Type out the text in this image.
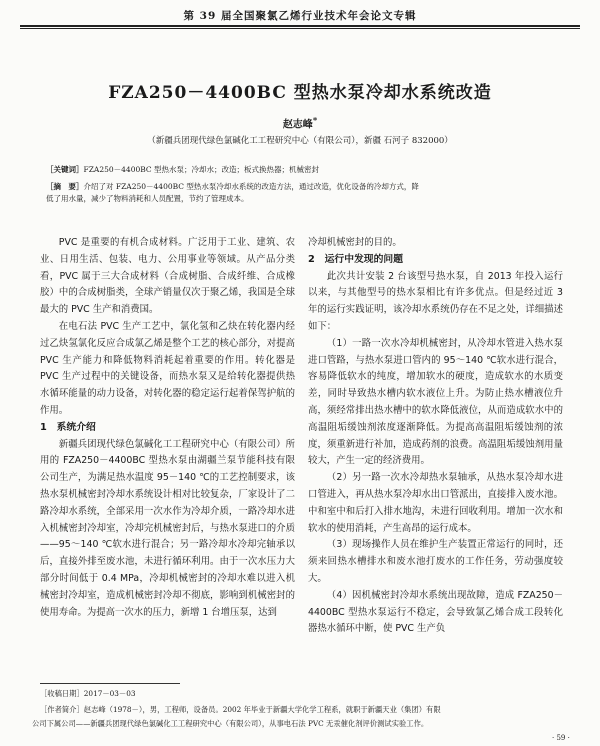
第 39 届全国聚氯乙烯行业技术年会论文专辑
FZA250－4400BC 型热水泵冷却水系统改造
赵志峰*
（新疆兵团现代绿色氯碱化工工程研究中心（有限公司），新疆 石河子 832000）
［关键词］FZA250－4400BC 型热水泵；冷却水；改造；板式换热器；机械密封
［摘　要］介绍了对 FZA250－4400BC 型热水泵冷却水系统的改造方法，通过改造，优化设备的冷却方式，降
低了用水量，减少了物料消耗和人员配置，节约了管理成本。

PVC 是重要的有机合成材料。广泛用于工业、建筑、农业、日用生活、包装、电力、公用事业等领域。从产品分类看，PVC 属于三大合成材料（合成树脂、合成纤维、合成橡胶）中的合成树脂类，全球产销量仅次于聚乙烯，我国是全球最大的 PVC 生产和消费国。

在电石法 PVC 生产工艺中，氯化氢和乙炔在转化器内经过乙炔氢氯化反应合成氯乙烯是整个工艺的核心部分，对提高 PVC 生产能力和降低物料消耗起着重要的作用。转化器是 PVC 生产过程中的关键设备，而热水泵又是给转化器提供热水循环能量的动力设备，对转化器的稳定运行起着保驾护航的作用。

1　系统介绍

新疆兵团现代绿色氯碱化工工程研究中心（有限公司）所用的 FZA250－4400BC 型热水泵由湖疆兰泵节能科技有限公司生产，为满足热水温度 95－140 ℃的工艺控制要求，该热水泵机械密封冷却水系统设计相对比较复杂，厂家设计了二路冷却水系统，全部采用一次水作为冷却介质，一路冷却水进入机械密封冷却室，冷却完机械密封后，与热水泵进口的介质——95～140 ℃软水进行混合；另一路冷却水冷却完轴承以后，直接外排至废水池，未进行循环利用。由于一次水压力大部分时间低于 0.4 MPa，冷却机械密封的冷却水难以进入机械密封冷却室，造成机械密封冷却不彻底，影响到机械密封的使用寿命。为提高一次水的压力，新增 1 台增压泵，达到

冷却机械密封的目的。

2　运行中发现的问题

此次共计安装 2 台该型号热水泵，自 2013 年投入运行以来，与其他型号的热水泵相比有许多优点。但是经过近 3 年的运行实践证明，该冷却水系统仍存在不足之处，详细描述如下：

（1）一路一次水冷却机械密封，从冷却水管进入热水泵进口管路，与热水泵进口管内的 95～140 ℃软水进行混合，容易降低软水的纯度，增加软水的硬度，造成软水的水质变差，同时导致热水槽内软水液位上升。为防止热水槽液位升高，须经常排出热水槽中的软水降低液位，从而造成软水中的高温阻垢缓蚀剂浓度逐渐降低。为提高高温阻垢缓蚀剂的浓度，须重新进行补加，造成药剂的浪费。高温阻垢缓蚀剂用量较大，产生一定的经济费用。

（2）另一路一次水冷却热水泵轴承，从热水泵冷却水进口管进入，再从热水泵冷却水出口管派出，直接排入废水池。中和室中和后打入排水地沟，未进行回收利用。增加一次水和软水的使用消耗，产生高昂的运行成本。

（3）现场操作人员在维护生产装置正常运行的同时，还须来回热水槽排水和废水池打废水的工作任务，劳动强度较大。

（4）因机械密封冷却水系统出现故障，造成 FZA250－4400BC 型热水泵运行不稳定，会导致氯乙烯合成工段转化器热水循环中断，使 PVC 生产负

［收稿日期］2017－03－03
［作者简介］赵志峰（1978－），男，工程师，设备员。2002 年毕业于新疆大学化学工程系，就职于新疆天业（集团）有限
公司下属公司——新疆兵团现代绿色氯碱化工工程研究中心（有限公司），从事电石法 PVC 无汞催化剂评价测试实验工作。
· 59 ·
